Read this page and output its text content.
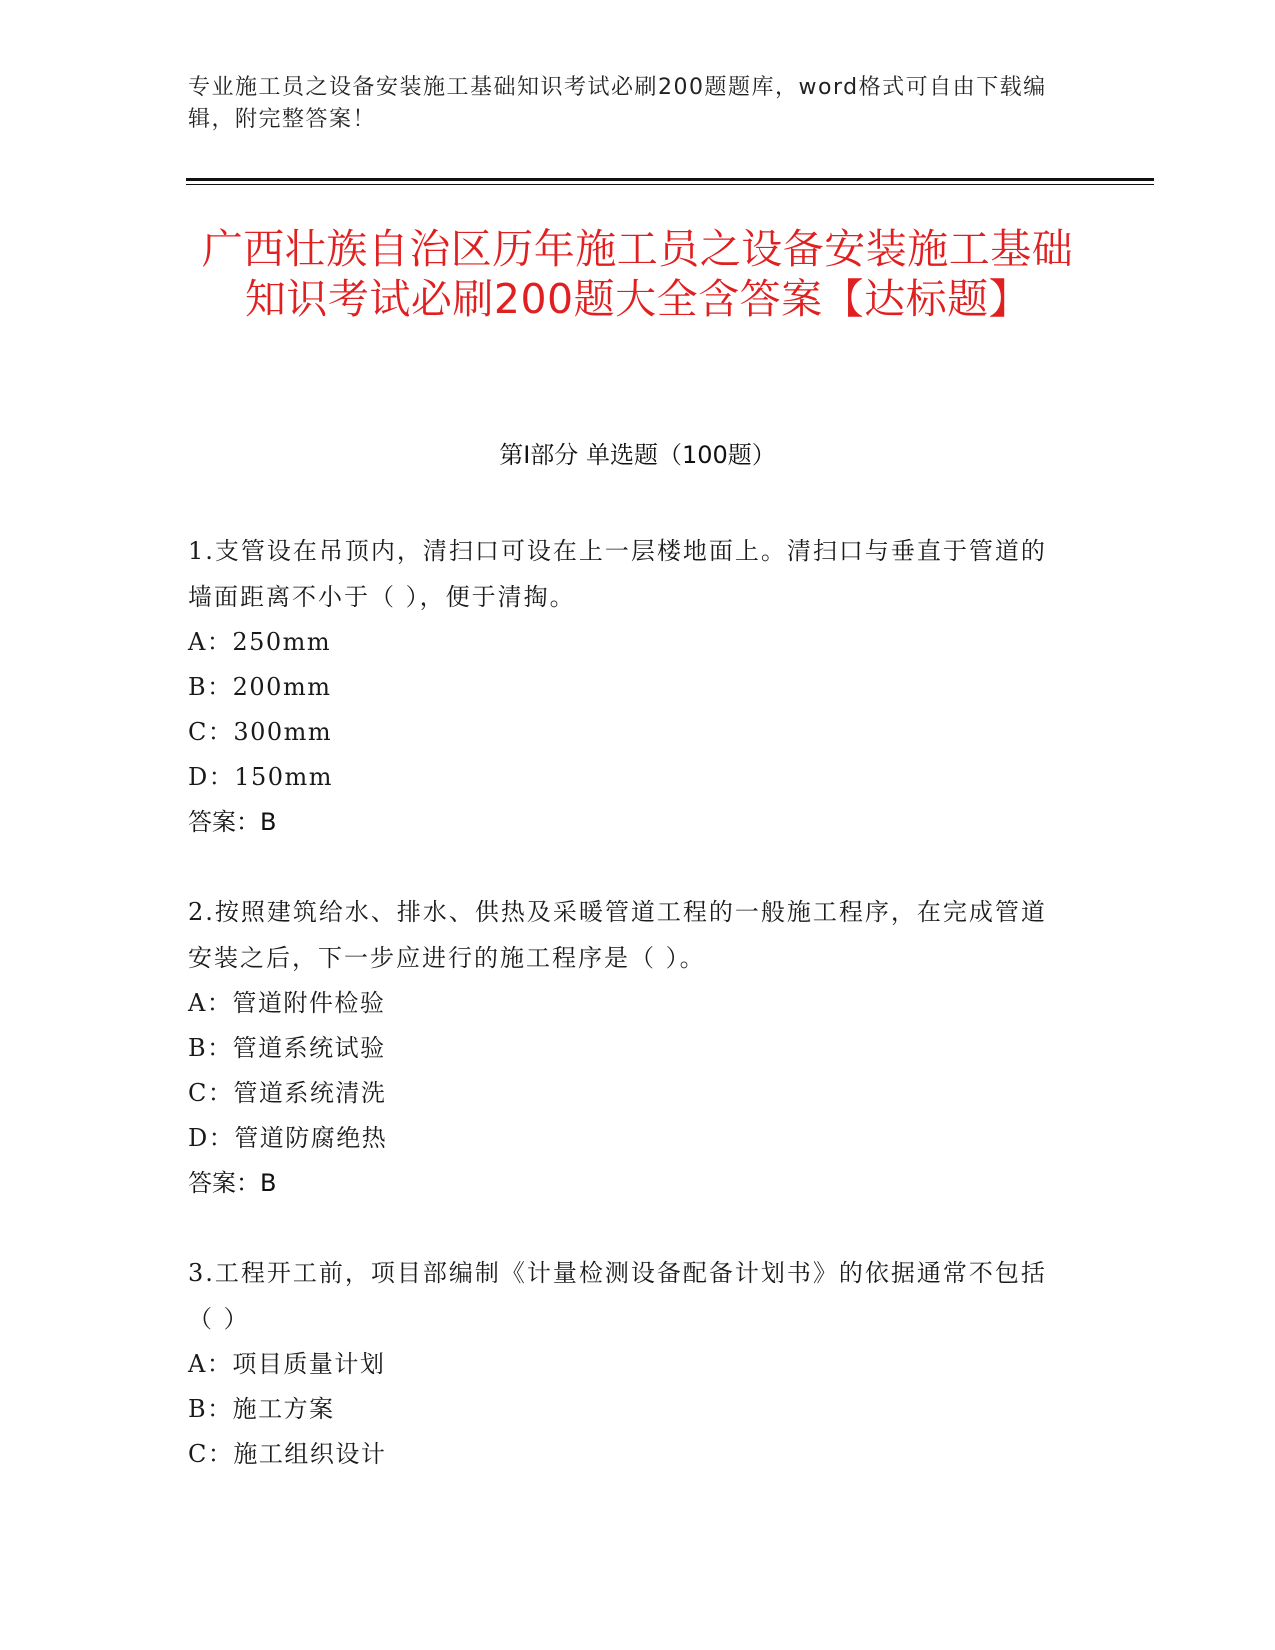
专业施工员之设备安装施工基础知识考试必刷200题题库，word格式可自由下载编辑，附完整答案！
广西壮族自治区历年施工员之设备安装施工基础知识考试必刷200题大全含答案【达标题】
第Ⅰ部分 单选题（100题）

1.支管设在吊顶内，清扫口可设在上一层楼地面上。清扫口与垂直于管道的墙面距离不小于（ ），便于清掏。

A：250mm
B：200mm
C：300mm
D：150mm
答案：B

2.按照建筑给水、排水、供热及采暖管道工程的一般施工程序，在完成管道安装之后，下一步应进行的施工程序是（ ）。

A：管道附件检验
B：管道系统试验
C：管道系统清洗
D：管道防腐绝热
答案：B

3.工程开工前，项目部编制《计量检测设备配备计划书》的依据通常不包括（ ）

A：项目质量计划
B：施工方案
C：施工组织设计
